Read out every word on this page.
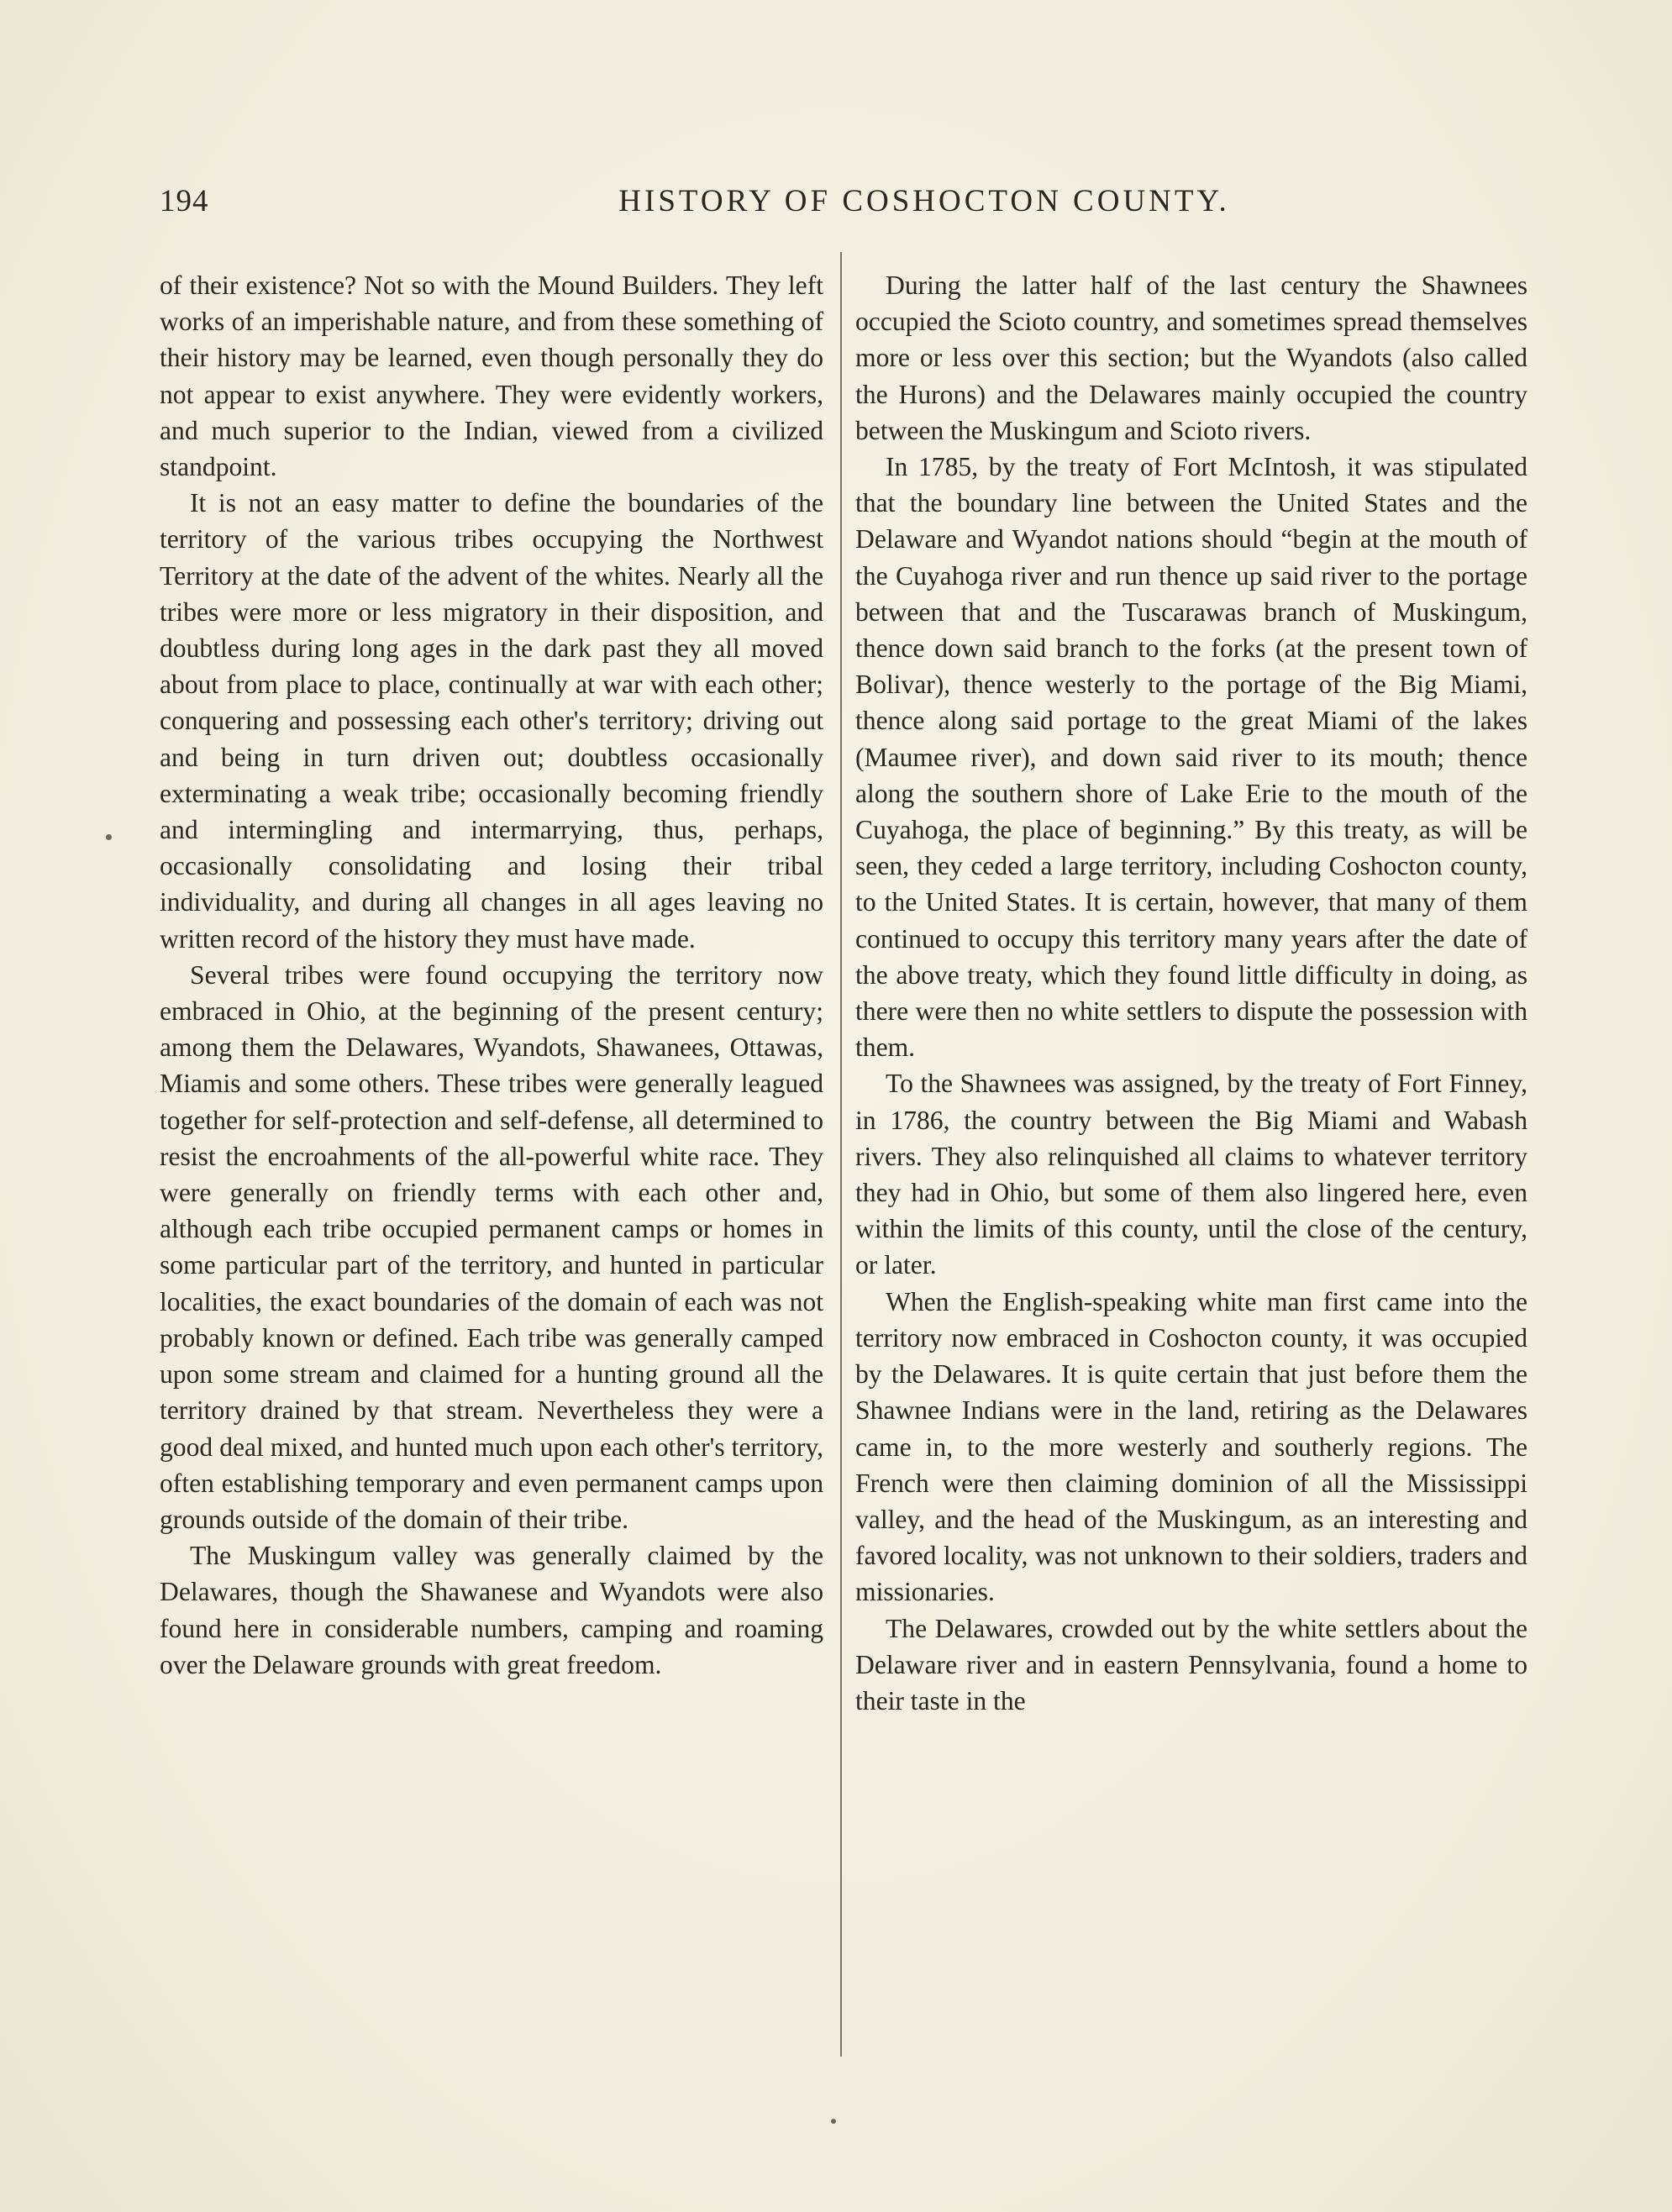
194	HISTORY OF COSHOCTON COUNTY.

of their existence? Not so with the Mound Builders. They left works of an imperishable nature, and from these something of their history may be learned, even though personally they do not appear to exist anywhere. They were evidently workers, and much superior to the Indian, viewed from a civilized standpoint.

It is not an easy matter to define the boundaries of the territory of the various tribes occupying the Northwest Territory at the date of the advent of the whites. Nearly all the tribes were more or less migratory in their disposition, and doubtless during long ages in the dark past they all moved about from place to place, continually at war with each other; conquering and possessing each other's territory; driving out and being in turn driven out; doubtless occasionally exterminating a weak tribe; occasionally becoming friendly and intermingling and intermarrying, thus, perhaps, occasionally consolidating and losing their tribal individuality, and during all changes in all ages leaving no written record of the history they must have made.

Several tribes were found occupying the territory now embraced in Ohio, at the beginning of the present century; among them the Delawares, Wyandots, Shawanees, Ottawas, Miamis and some others. These tribes were generally leagued together for self-protection and self-defense, all determined to resist the encroahments of the all-powerful white race. They were generally on friendly terms with each other and, although each tribe occupied permanent camps or homes in some particular part of the territory, and hunted in particular localities, the exact boundaries of the domain of each was not probably known or defined. Each tribe was generally camped upon some stream and claimed for a hunting ground all the territory drained by that stream. Nevertheless they were a good deal mixed, and hunted much upon each other's territory, often establishing temporary and even permanent camps upon grounds outside of the domain of their tribe.

The Muskingum valley was generally claimed by the Delawares, though the Shawanese and Wyandots were also found here in considerable numbers, camping and roaming over the Delaware grounds with great freedom.

During the latter half of the last century the Shawnees occupied the Scioto country, and sometimes spread themselves more or less over this section; but the Wyandots (also called the Hurons) and the Delawares mainly occupied the country between the Muskingum and Scioto rivers.

In 1785, by the treaty of Fort McIntosh, it was stipulated that the boundary line between the United States and the Delaware and Wyandot nations should “begin at the mouth of the Cuyahoga river and run thence up said river to the portage between that and the Tuscarawas branch of Muskingum, thence down said branch to the forks (at the present town of Bolivar), thence westerly to the portage of the Big Miami, thence along said portage to the great Miami of the lakes (Maumee river), and down said river to its mouth; thence along the southern shore of Lake Erie to the mouth of the Cuyahoga, the place of beginning.” By this treaty, as will be seen, they ceded a large territory, including Coshocton county, to the United States. It is certain, however, that many of them continued to occupy this territory many years after the date of the above treaty, which they found little difficulty in doing, as there were then no white settlers to dispute the possession with them.

To the Shawnees was assigned, by the treaty of Fort Finney, in 1786, the country between the Big Miami and Wabash rivers. They also relinquished all claims to whatever territory they had in Ohio, but some of them also lingered here, even within the limits of this county, until the close of the century, or later.

When the English-speaking white man first came into the territory now embraced in Coshocton county, it was occupied by the Delawares. It is quite certain that just before them the Shawnee Indians were in the land, retiring as the Delawares came in, to the more westerly and southerly regions. The French were then claiming dominion of all the Mississippi valley, and the head of the Muskingum, as an interesting and favored locality, was not unknown to their soldiers, traders and missionaries.

The Delawares, crowded out by the white settlers about the Delaware river and in eastern Pennsylvania, found a home to their taste in the
